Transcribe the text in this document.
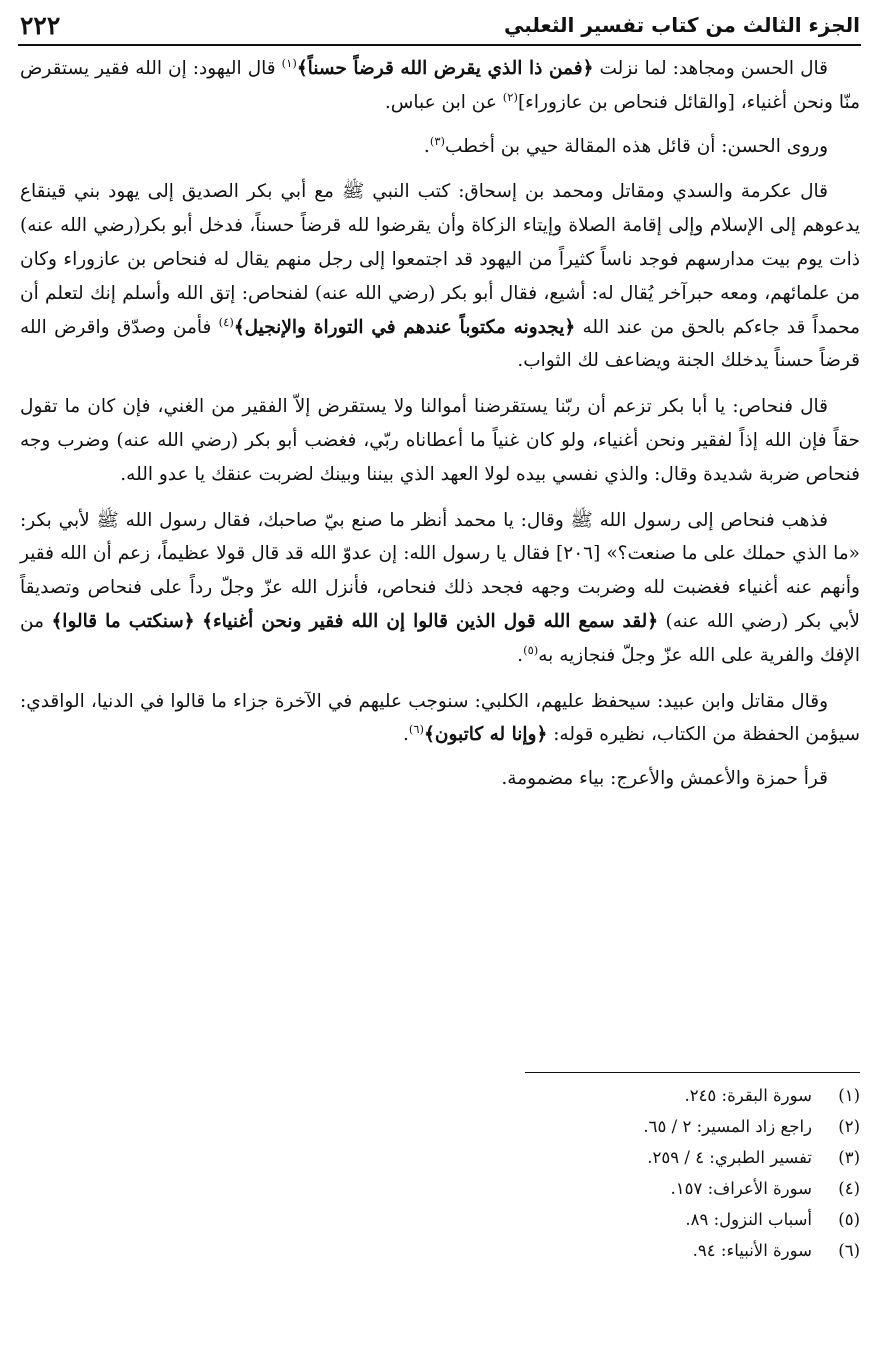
الجزء الثالث من كتاب تفسير الثعلبي
٢٢٢

قال الحسن ومجاهد: لما نزلت ﴿فمن ذا الذي يقرض الله قرضاً حسناً﴾$^{(١)}$ قال اليهود: إن الله فقير يستقرض منّا ونحن أغنياء، [والقائل فنحاص بن عازوراء]$^{(٢)}$ عن ابن عباس.

وروى الحسن: أن قائل هذه المقالة حيي بن أخطب$^{(٣)}$.

قال عكرمة والسدي ومقاتل ومحمد بن إسحاق: كتب النبي ﷺ مع أبي بكر الصديق إلى يهود بني قينقاع يدعوهم إلى الإسلام وإلى إقامة الصلاة وإيتاء الزكاة وأن يقرضوا لله قرضاً حسناً، فدخل أبو بكر(رضي الله عنه) ذات يوم بيت مدارسهم فوجد ناساً كثيراً من اليهود قد اجتمعوا إلى رجل منهم يقال له فنحاص بن عازوراء وكان من علمائهم، ومعه حبرآخر يُقال له: أشيع، فقال أبو بكر (رضي الله عنه) لفنحاص: إتق الله وأسلم إنك لتعلم أن محمداً قد جاءكم بالحق من عند الله ﴿يجدونه مكتوباً عندهم في التوراة والإنجيل﴾$^{(٤)}$ فأمن وصدّق واقرض الله قرضاً حسناً يدخلك الجنة ويضاعف لك الثواب.

قال فنحاص: يا أبا بكر تزعم أن ربّنا يستقرضنا أموالنا ولا يستقرض إلاّ الفقير من الغني، فإن كان ما تقول حقاً فإن الله إذاً لفقير ونحن أغنياء، ولو كان غنياً ما أعطاناه ربّي، فغضب أبو بكر (رضي الله عنه) وضرب وجه فنحاص ضربة شديدة وقال: والذي نفسي بيده لولا العهد الذي بيننا وبينك لضربت عنقك يا عدو الله.

فذهب فنحاص إلى رسول الله ﷺ وقال: يا محمد أنظر ما صنع بيّ صاحبك، فقال رسول الله ﷺ لأبي بكر: «ما الذي حملك على ما صنعت؟» [٢٠٦] فقال يا رسول الله: إن عدوّ الله قد قال قولا عظيماً، زعم أن الله فقير وأنهم عنه أغنياء فغضبت لله وضربت وجهه فجحد ذلك فنحاص، فأنزل الله عزّ وجلّ رداً على فنحاص وتصديقاً لأبي بكر (رضي الله عنه) ﴿لقد سمع الله قول الذين قالوا إن الله فقير ونحن أغنياء﴾ ﴿سنكتب ما قالوا﴾ من الإفك والفرية على الله عزّ وجلّ فنجازيه به$^{(٥)}$.

وقال مقاتل وابن عبيد: سيحفظ عليهم، الكلبي: سنوجب عليهم في الآخرة جزاء ما قالوا في الدنيا، الواقدي: سيؤمن الحفظة من الكتاب، نظيره قوله: ﴿وإنا له كاتبون﴾$^{(٦)}$.

قرأ حمزة والأعمش والأعرج: بياء مضمومة.

(١)
سورة البقرة: ٢٤٥.
(٢)
راجع زاد المسير: ٢ / ٦٥.
(٣)
تفسير الطبري: ٤ / ٢٥٩.
(٤)
سورة الأعراف: ١٥٧.
(٥)
أسباب النزول: ٨٩.
(٦)
سورة الأنبياء: ٩٤.
